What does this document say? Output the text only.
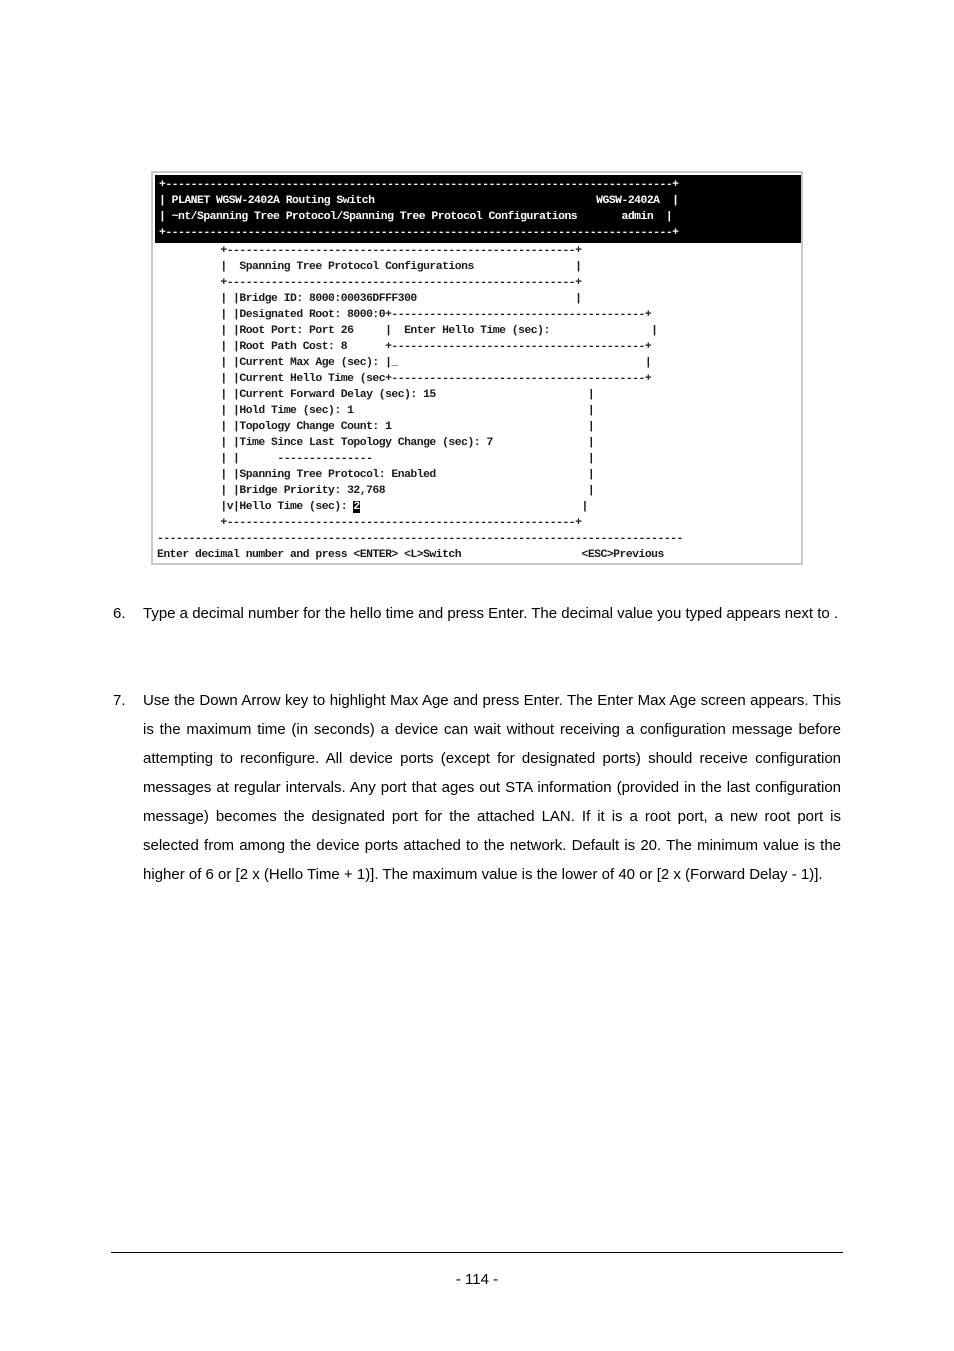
+--------------------------------------------------------------------------------+
| PLANET WGSW-2402A Routing Switch                                   WGSW-2402A  |
| ~nt/Spanning Tree Protocol/Spanning Tree Protocol Configurations       admin  |
+--------------------------------------------------------------------------------+
+-------------------------------------------------------+
|  Spanning Tree Protocol Configurations                |
+-------------------------------------------------------+
| |Bridge ID: 8000:00036DFFF300                         |
| |Designated Root: 8000:0+----------------------------------------+
| |Root Port: Port 26     |  Enter Hello Time (sec):                |
| |Root Path Cost: 8      +----------------------------------------+
| |Current Max Age (sec): |_                                       |
| |Current Hello Time (sec+----------------------------------------+
| |Current Forward Delay (sec): 15                        |
| |Hold Time (sec): 1                                     |
| |Topology Change Count: 1                               |
| |Time Since Last Topology Change (sec): 7               |
| |      ---------------                                  |
| |Spanning Tree Protocol: Enabled                        |
| |Bridge Priority: 32,768                                |
|v|Hello Time (sec): 2                                   |
+-------------------------------------------------------+
-----------------------------------------------------------------------------------
Enter decimal number and press <ENTER> <L>Switch                   <ESC>Previous
6. Type a decimal number for the hello time and press Enter. The decimal value you typed appears next to .
7. Use the Down Arrow key to highlight Max Age and press Enter. The Enter Max Age screen appears. This is the maximum time (in seconds) a device can wait without receiving a configuration message before attempting to reconfigure. All device ports (except for designated ports) should receive configuration messages at regular intervals. Any port that ages out STA information (provided in the last configuration message) becomes the designated port for the attached LAN. If it is a root port, a new root port is selected from among the device ports attached to the network. Default is 20. The minimum value is the higher of 6 or [2 x (Hello Time + 1)]. The maximum value is the lower of 40 or [2 x (Forward Delay - 1)].
- 114 -
